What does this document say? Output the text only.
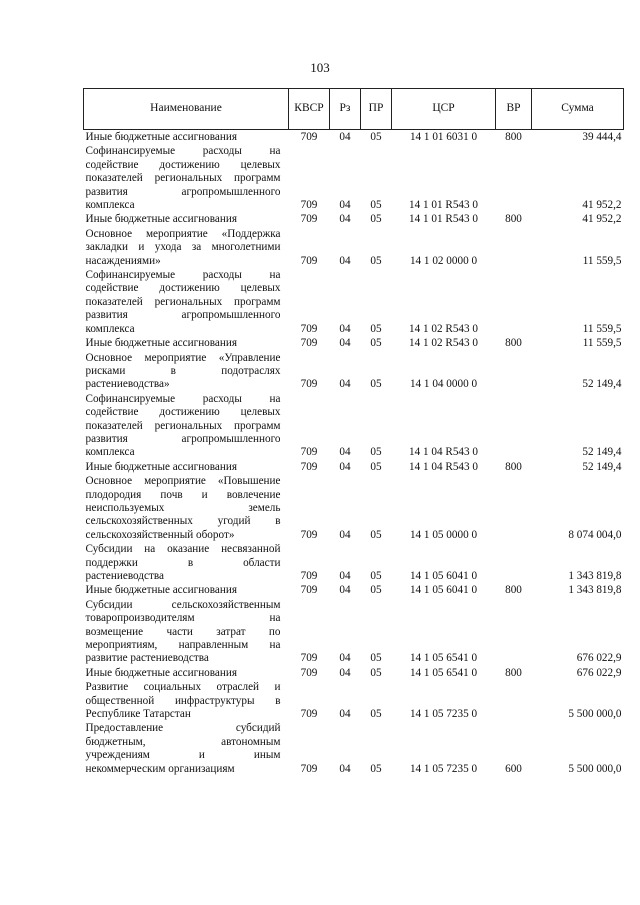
103
Наименование	КВСР	Рз	ПР	ЦСР	ВР	Сумма

Иные бюджетные ассигнования	709	04	05	14 1 01 6031 0	800	39 444,4

Софинансируемые расходы на
содействие достижению целевых
показателей региональных программ
развития агропромышленного
комплекса	709	04	05	14 1 01 R543 0		41 952,2

Иные бюджетные ассигнования	709	04	05	14 1 01 R543 0	800	41 952,2

Основное мероприятие «Поддержка
закладки и ухода за многолетними
насаждениями»	709	04	05	14 1 02 0000 0		11 559,5

Софинансируемые расходы на
содействие достижению целевых
показателей региональных программ
развития агропромышленного
комплекса	709	04	05	14 1 02 R543 0		11 559,5

Иные бюджетные ассигнования	709	04	05	14 1 02 R543 0	800	11 559,5

Основное мероприятие «Управление
рисками в подотраслях
растениеводства»	709	04	05	14 1 04 0000 0		52 149,4

Софинансируемые расходы на
содействие достижению целевых
показателей региональных программ
развития агропромышленного
комплекса	709	04	05	14 1 04 R543 0		52 149,4

Иные бюджетные ассигнования	709	04	05	14 1 04 R543 0	800	52 149,4

Основное мероприятие «Повышение
плодородия почв и вовлечение
неиспользуемых земель
сельскохозяйственных угодий в
сельскохозяйственный оборот»	709	04	05	14 1 05 0000 0		8 074 004,0

Субсидии на оказание несвязанной
поддержки в области
растениеводства	709	04	05	14 1 05 6041 0		1 343 819,8

Иные бюджетные ассигнования	709	04	05	14 1 05 6041 0	800	1 343 819,8

Субсидии сельскохозяйственным
товаропроизводителям на
возмещение части затрат по
мероприятиям, направленным на
развитие растениеводства	709	04	05	14 1 05 6541 0		676 022,9

Иные бюджетные ассигнования	709	04	05	14 1 05 6541 0	800	676 022,9

Развитие социальных отраслей и
общественной инфраструктуры в
Республике Татарстан	709	04	05	14 1 05 7235 0		5 500 000,0

Предоставление субсидий
бюджетным, автономным
учреждениям и иным
некоммерческим организациям	709	04	05	14 1 05 7235 0	600	5 500 000,0
